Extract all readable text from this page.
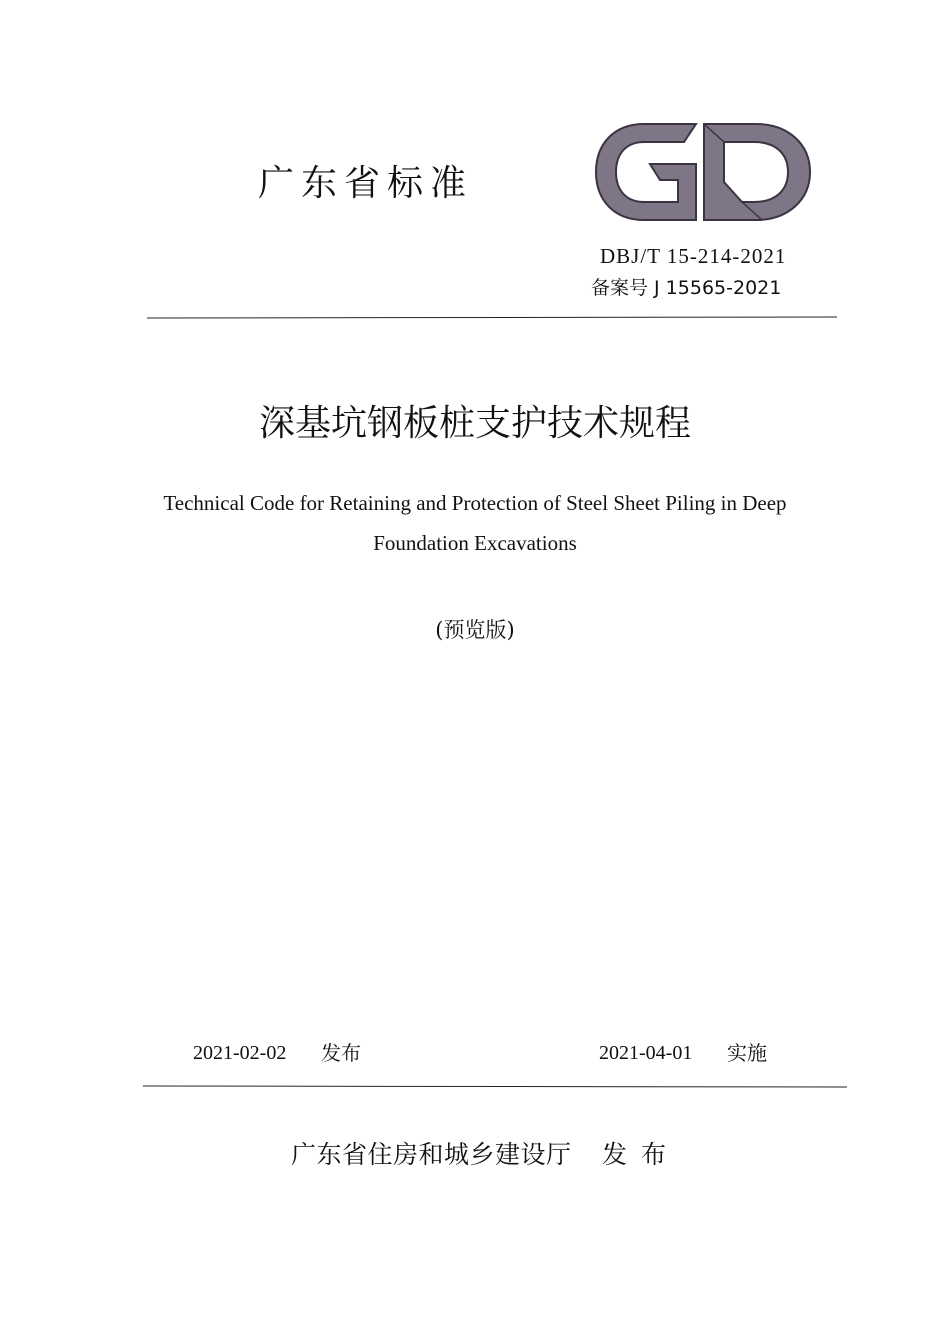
广东省标准
DBJ/T 15-214-2021
备案号 J 15565-2021
深基坑钢板桩支护技术规程
Technical Code for Retaining and Protection of Steel Sheet Piling in Deep
Foundation Excavations
(预览版)
2021-02-02 发布	2021-04-01 实施
广东省住房和城乡建设厅 发 布
